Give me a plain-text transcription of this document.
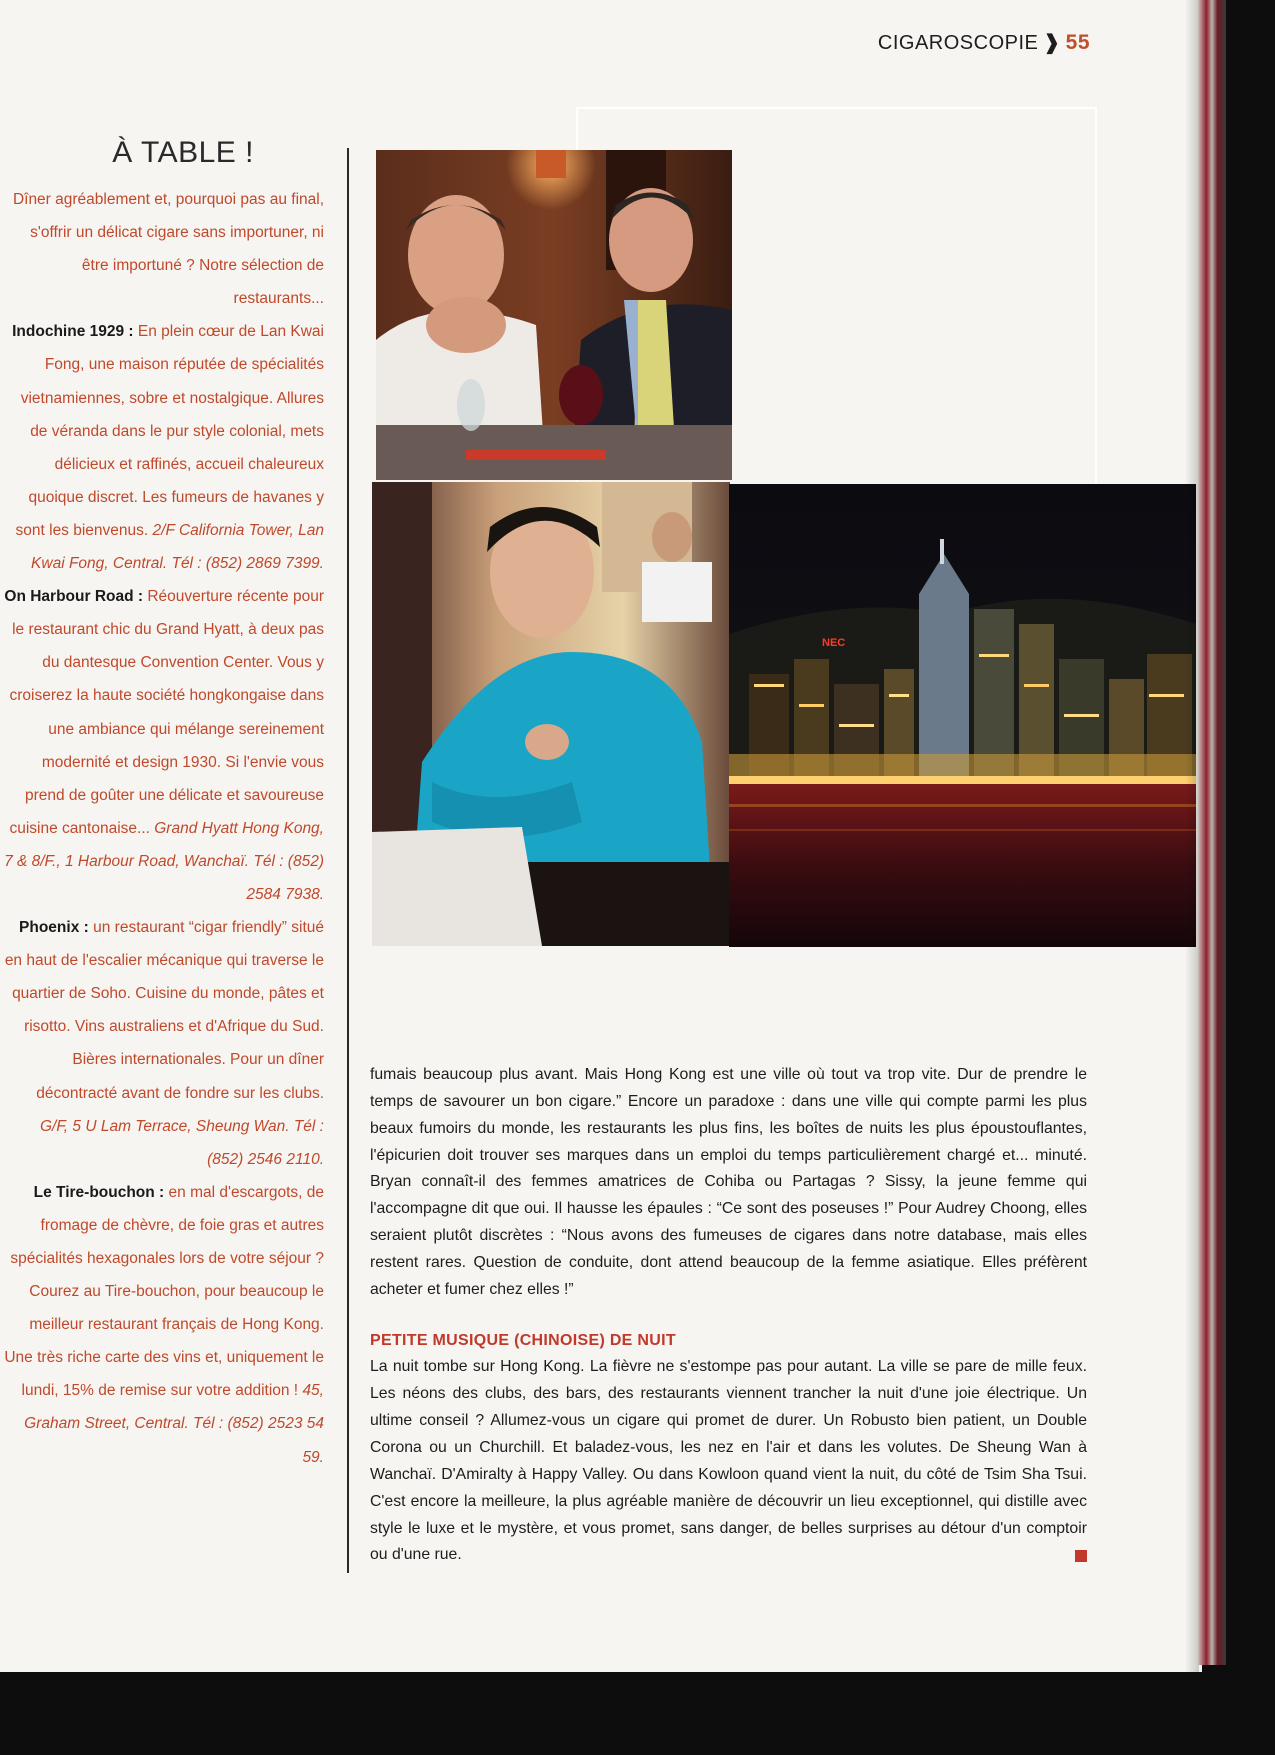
CIGAROSCOPIE ❱ 55
À TABLE !
Dîner agréablement et, pourquoi pas au final, s'offrir un délicat cigare sans importuner, ni être importuné ? Notre sélection de restaurants...
Indochine 1929 : En plein cœur de Lan Kwai Fong, une maison réputée de spécialités vietnamiennes, sobre et nostalgique. Allures de véranda dans le pur style colonial, mets délicieux et raffinés, accueil chaleureux quoique discret. Les fumeurs de havanes y sont les bienvenus. 2/F California Tower, Lan Kwai Fong, Central. Tél : (852) 2869 7399.
On Harbour Road : Réouverture récente pour le restaurant chic du Grand Hyatt, à deux pas du dantesque Convention Center. Vous y croiserez la haute société hongkongaise dans une ambiance qui mélange sereinement modernité et design 1930. Si l'envie vous prend de goûter une délicate et savoureuse cuisine cantonaise... Grand Hyatt Hong Kong, 7 & 8/F., 1 Harbour Road, Wanchaï. Tél : (852) 2584 7938.
Phoenix : un restaurant “cigar friendly” situé en haut de l'escalier mécanique qui traverse le quartier de Soho. Cuisine du monde, pâtes et risotto. Vins australiens et d'Afrique du Sud. Bières internationales. Pour un dîner décontracté avant de fondre sur les clubs. G/F, 5 U Lam Terrace, Sheung Wan. Tél : (852) 2546 2110.
Le Tire-bouchon : en mal d'escargots, de fromage de chèvre, de foie gras et autres spécialités hexagonales lors de votre séjour ? Courez au Tire-bouchon, pour beaucoup le meilleur restaurant français de Hong Kong. Une très riche carte des vins et, uniquement le lundi, 15% de remise sur votre addition ! 45, Graham Street, Central. Tél : (852) 2523 54 59.
NEC

fumais beaucoup plus avant. Mais Hong Kong est une ville où tout va trop vite. Dur de prendre le temps de savourer un bon cigare.” Encore un paradoxe : dans une ville qui compte parmi les plus beaux fumoirs du monde, les restaurants les plus fins, les boîtes de nuits les plus époustouflantes, l'épicurien doit trouver ses marques dans un emploi du temps particulièrement chargé et... minuté. Bryan connaît-il des femmes amatrices de Cohiba ou Partagas ? Sissy, la jeune femme qui l'accompagne dit que oui. Il hausse les épaules : “Ce sont des poseuses !” Pour Audrey Choong, elles seraient plutôt discrètes : “Nous avons des fumeuses de cigares dans notre database, mais elles restent rares. Question de conduite, dont attend beaucoup de la femme asiatique. Elles préfèrent acheter et fumer chez elles !”

PETITE MUSIQUE (CHINOISE) DE NUIT

La nuit tombe sur Hong Kong. La fièvre ne s'estompe pas pour autant. La ville se pare de mille feux. Les néons des clubs, des bars, des restaurants viennent trancher la nuit d'une joie électrique. Un ultime conseil ? Allumez-vous un cigare qui promet de durer. Un Robusto bien patient, un Double Corona ou un Churchill. Et baladez-vous, les nez en l'air et dans les volutes. De Sheung Wan à Wanchaï. D'Amiralty à Happy Valley. Ou dans Kowloon quand vient la nuit, du côté de Tsim Sha Tsui. C'est encore la meilleure, la plus agréable manière de découvrir un lieu exceptionnel, qui distille avec style le luxe et le mystère, et vous promet, sans danger, de belles surprises au détour d'un comptoir ou d'une rue.
